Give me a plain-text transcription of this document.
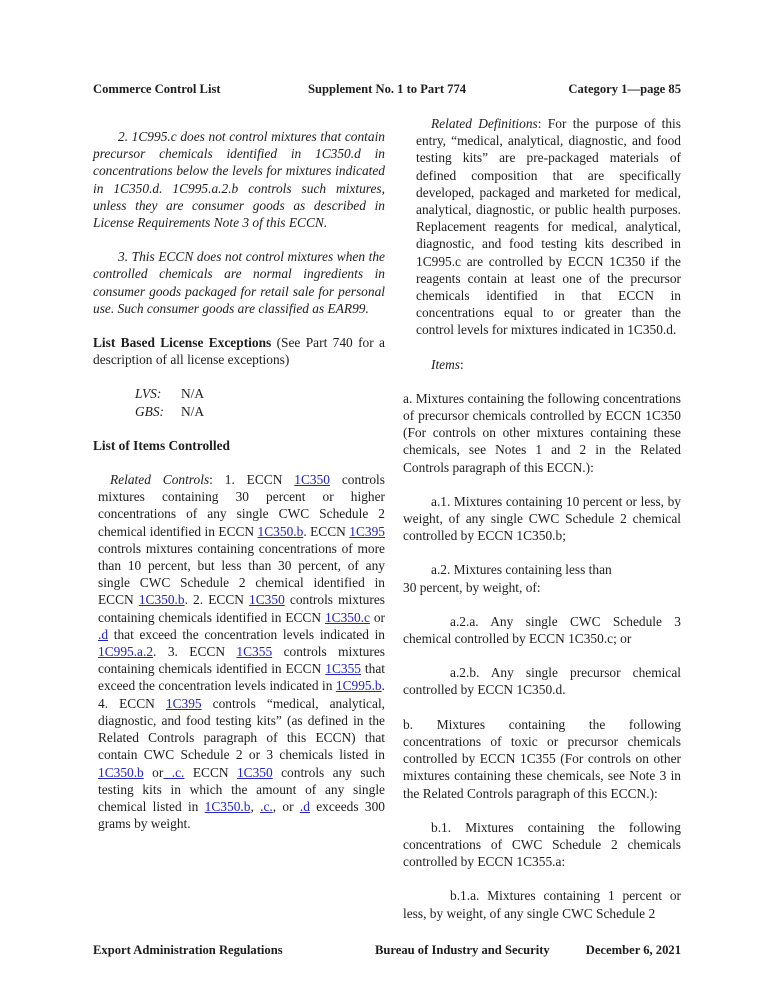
Commerce Control List	Supplement No. 1 to Part 774	Category 1—page 85

2. 1C995.c does not control mixtures that contain precursor chemicals identified in 1C350.d in concentrations below the levels for mixtures indicated in 1C350.d. 1C995.a.2.b controls such mixtures, unless they are consumer goods as described in License Requirements Note 3 of this ECCN.

3. This ECCN does not control mixtures when the controlled chemicals are normal ingredients in consumer goods packaged for retail sale for personal use. Such consumer goods are classified as EAR99.

List Based License Exceptions (See Part 740 for a description of all license exceptions)

LVS:	N/A
GBS:	N/A

List of Items Controlled

Related Controls: 1. ECCN 1C350 controls mixtures containing 30 percent or higher concentrations of any single CWC Schedule 2 chemical identified in ECCN 1C350.b. ECCN 1C395 controls mixtures containing concentrations of more than 10 percent, but less than 30 percent, of any single CWC Schedule 2 chemical identified in ECCN 1C350.b. 2. ECCN 1C350 controls mixtures containing chemicals identified in ECCN 1C350.c or .d that exceed the concentration levels indicated in 1C995.a.2. 3. ECCN 1C355 controls mixtures containing chemicals identified in ECCN 1C355 that exceed the concentration levels indicated in 1C995.b. 4. ECCN 1C395 controls “medical, analytical, diagnostic, and food testing kits” (as defined in the Related Controls paragraph of this ECCN) that contain CWC Schedule 2 or 3 chemicals listed in 1C350.b or .c. ECCN 1C350 controls any such testing kits in which the amount of any single chemical listed in 1C350.b, .c., or .d exceeds 300 grams by weight.

Related Definitions: For the purpose of this entry, “medical, analytical, diagnostic, and food testing kits” are pre-packaged materials of defined composition that are specifically developed, packaged and marketed for medical, analytical, diagnostic, or public health purposes. Replacement reagents for medical, analytical, diagnostic, and food testing kits described in 1C995.c are controlled by ECCN 1C350 if the reagents contain at least one of the precursor chemicals identified in that ECCN in concentrations equal to or greater than the control levels for mixtures indicated in 1C350.d.

Items:

a. Mixtures containing the following concentrations of precursor chemicals controlled by ECCN 1C350 (For controls on other mixtures containing these chemicals, see Notes 1 and 2 in the Related Controls paragraph of this ECCN.):

a.1. Mixtures containing 10 percent or less, by weight, of any single CWC Schedule 2 chemical controlled by ECCN 1C350.b;

a.2. Mixtures containing less than
30 percent, by weight, of:

a.2.a. Any single CWC Schedule 3 chemical controlled by ECCN 1C350.c; or

a.2.b. Any single precursor chemical controlled by ECCN 1C350.d.

b. Mixtures containing the following concentrations of toxic or precursor chemicals controlled by ECCN 1C355 (For controls on other mixtures containing these chemicals, see Note 3 in the Related Controls paragraph of this ECCN.):

b.1. Mixtures containing the following concentrations of CWC Schedule 2 chemicals controlled by ECCN 1C355.a:

b.1.a. Mixtures containing 1 percent or less, by weight, of any single CWC Schedule 2

Export Administration Regulations	Bureau of Industry and Security	December 6, 2021
